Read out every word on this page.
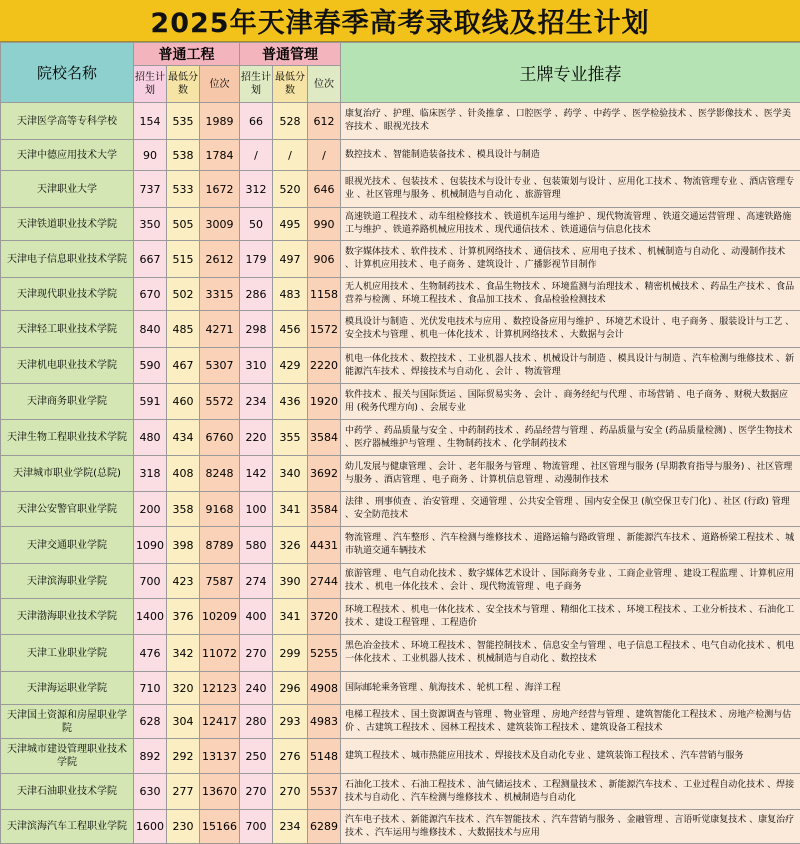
2025年天津春季高考录取线及招生计划
院校名称	普通工程			普通管理			王牌专业推荐
	招生计划	最低分数	位次	招生计划	最低分数	位次	
天津医学高等专科学校	154	535	1989	66	528	612	康复治疗 、护理、临床医学 、针灸推拿 、口腔医学 、药学 、中药学 、医学检验技术 、医学影像技术 、医学美容技术 、眼视光技术
天津中德应用技术大学	90	538	1784	/	/	/	数控技术 、智能制造装备技术 、模具设计与制造
天津职业大学	737	533	1672	312	520	646	眼视光技术 、包装技术 、包装技术与设计专业 、包装策划与设计 、应用化工技术 、物流管理专业 、酒店管理专业 、社区管理与服务 、机械制造与自动化 、旅游管理
天津铁道职业技术学院	350	505	3009	50	495	990	高速铁道工程技术 、动车组检修技术 、铁道机车运用与维护 、现代物流管理 、铁道交通运营管理 、高速铁路施工与维护 、铁道养路机械应用技术 、现代通信技术 、铁道通信与信息化技术
天津电子信息职业技术学院	667	515	2612	179	497	906	数字媒体技术 、软件技术 、计算机网络技术 、通信技术 、应用电子技术 、机械制造与自动化 、动漫制作技术 、计算机应用技术 、电子商务 、建筑设计 、广播影视节目制作
天津现代职业技术学院	670	502	3315	286	483	1158	无人机应用技术 、生物制药技术 、食品生物技术 、环境监测与治理技术 、精密机械技术 、药品生产技术 、食品营养与检测 、环境工程技术 、食品加工技术 、食品检验检测技术
天津轻工职业技术学院	840	485	4271	298	456	1572	模具设计与制造 、光伏发电技术与应用 、数控设备应用与维护 、环境艺术设计 、电子商务 、服装设计与工艺 、安全技术与管理 、机电一体化技术 、计算机网络技术 、大数据与会计
天津机电职业技术学院	590	467	5307	310	429	2220	机电一体化技术 、数控技术 、工业机器人技术 、机械设计与制造 、模具设计与制造 、汽车检测与维修技术 、新能源汽车技术 、焊接技术与自动化 、会计 、物流管理
天津商务职业学院	591	460	5572	234	436	1920	软件技术 、报关与国际货运 、国际贸易实务 、会计 、商务经纪与代理 、市场营销 、电子商务 、财税大数据应用 (税务代理方向) 、会展专业
天津生物工程职业技术学院	480	434	6760	220	355	3584	中药学 、药品质量与安全 、中药制药技术 、药品经营与管理 、药品质量与安全 (药品质量检测) 、医学生物技术 、医疗器械维护与管理 、生物制药技术 、化学制药技术
天津城市职业学院(总院)	318	408	8248	142	340	3692	幼儿发展与健康管理 、会计 、老年服务与管理 、物流管理 、社区管理与服务 (早期教育指导与服务) 、社区管理与服务 、酒店管理 、电子商务 、计算机信息管理 、动漫制作技术
天津公安警官职业学院	200	358	9168	100	341	3584	法律 、刑事侦查 、治安管理 、交通管理 、公共安全管理 、国内安全保卫 (航空保卫专门化) 、社区 (行政) 管理 、安全防范技术
天津交通职业学院	1090	398	8789	580	326	4431	物流管理 、汽车整形 、汽车检测与维修技术 、道路运输与路政管理 、新能源汽车技术 、道路桥梁工程技术 、城市轨道交通车辆技术
天津滨海职业学院	700	423	7587	274	390	2744	旅游管理 、电气自动化技术 、数字媒体艺术设计 、国际商务专业 、工商企业管理 、建设工程监理 、计算机应用技术 、机电一体化技术 、会计 、现代物流管理 、电子商务
天津渤海职业技术学院	1400	376	10209	400	341	3720	环境工程技术 、机电一体化技术 、安全技术与管理 、精细化工技术 、环境工程技术 、工业分析技术 、石油化工技术 、建设工程管理 、工程造价
天津工业职业学院	476	342	11072	270	299	5255	黑色冶金技术 、环境工程技术 、智能控制技术 、信息安全与管理 、电子信息工程技术 、电气自动化技术 、机电一体化技术 、工业机器人技术 、机械制造与自动化 、数控技术
天津海运职业学院	710	320	12123	240	296	4908	国际邮轮乘务管理 、航海技术 、轮机工程 、海洋工程
天津国土资源和房屋职业学院	628	304	12417	280	293	4983	电梯工程技术 、国土资源调查与管理 、物业管理 、房地产经营与管理 、建筑智能化工程技术 、房地产检测与估价 、古建筑工程技术 、园林工程技术 、建筑装饰工程技术 、建筑设备工程技术
天津城市建设管理职业技术学院	892	292	13137	250	276	5148	建筑工程技术 、城市热能应用技术 、焊接技术及自动化专业 、建筑装饰工程技术 、汽车营销与服务
天津石油职业技术学院	630	277	13670	270	270	5537	石油化工技术 、石油工程技术 、油气储运技术 、工程测量技术 、新能源汽车技术 、工业过程自动化技术 、焊接技术与自动化 、汽车检测与维修技术 、机械制造与自动化
天津滨海汽车工程职业学院	1600	230	15166	700	234	6289	汽车电子技术 、新能源汽车技术 、汽车智能技术 、汽车营销与服务 、金融管理 、言语听觉康复技术 、康复治疗技术 、汽车运用与维修技术 、大数据技术与应用
